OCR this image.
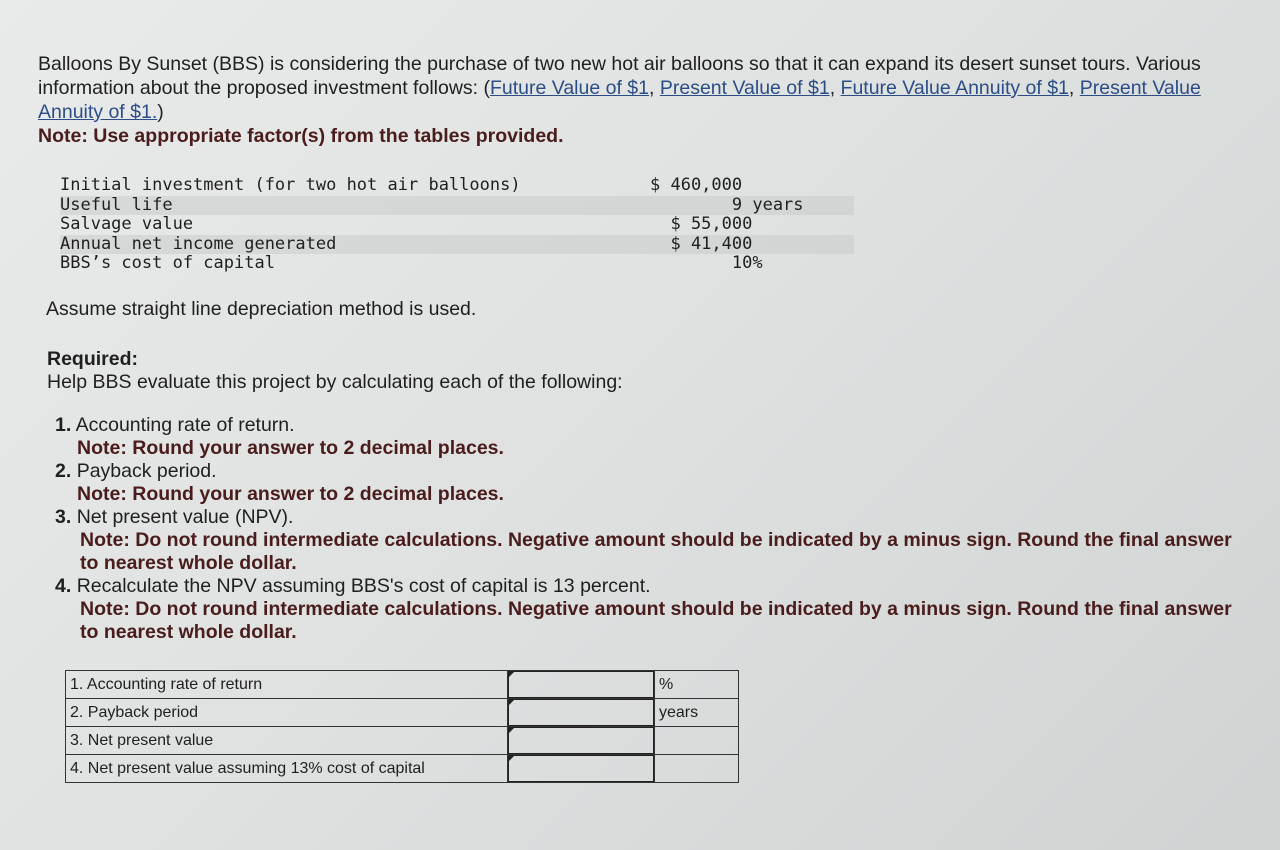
Balloons By Sunset (BBS) is considering the purchase of two new hot air balloons so that it can expand its desert sunset tours. Various information about the proposed investment follows: (Future Value of $1, Present Value of $1, Future Value Annuity of $1, Present Value Annuity of $1.)

Note: Use appropriate factor(s) from the tables provided.
Initial investment (for two hot air balloons)	$ 460,000
Useful life	9 years
Salvage value	$ 55,000
Annual net income generated	$ 41,400
BBS’s cost of capital	10%
Assume straight line depreciation method is used.
Required:
Help BBS evaluate this project by calculating each of the following:
1. Accounting rate of return.
Note: Round your answer to 2 decimal places.
2. Payback period.
Note: Round your answer to 2 decimal places.
3. Net present value (NPV).
Note: Do not round intermediate calculations. Negative amount should be indicated by a minus sign. Round the final answer to nearest whole dollar.
4. Recalculate the NPV assuming BBS's cost of capital is 13 percent.
Note: Do not round intermediate calculations. Negative amount should be indicated by a minus sign. Round the final answer to nearest whole dollar.
1. Accounting rate of return		%
2. Payback period		years
3. Net present value	

4. Net present value assuming 13% cost of capital	
